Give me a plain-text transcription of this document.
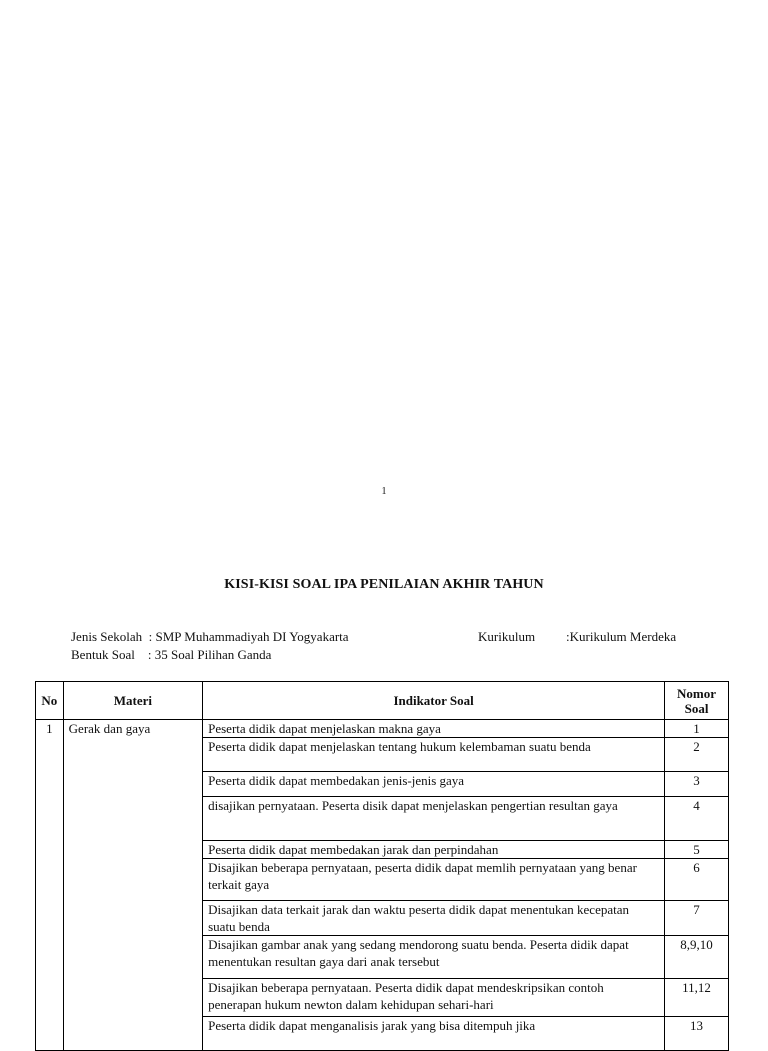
1
KISI-KISI SOAL IPA PENILAIAN AKHIR TAHUN
Jenis Sekolah  : SMP Muhammadiyah DI Yogyakarta
Bentuk Soal    : 35 Soal Pilihan Ganda
Kurikulum :Kurikulum Merdeka
No	Materi	Indikator Soal	Nomor Soal
1	Gerak dan gaya	Peserta didik dapat menjelaskan makna gaya	1
		Peserta didik dapat menjelaskan tentang hukum kelembaman suatu benda	2
		Peserta didik dapat membedakan jenis-jenis gaya	3
		disajikan pernyataan. Peserta disik dapat menjelaskan pengertian resultan gaya	4
		Peserta didik dapat membedakan jarak dan perpindahan	5
		Disajikan beberapa pernyataan, peserta didik dapat memlih pernyataan yang benar terkait gaya	6
		Disajikan data terkait jarak dan waktu peserta didik dapat menentukan kecepatan suatu benda	7
		Disajikan gambar anak yang sedang mendorong suatu benda. Peserta didik dapat menentukan resultan gaya dari anak tersebut	8,9,10
		Disajikan beberapa pernyataan. Peserta didik dapat mendeskripsikan contoh penerapan hukum newton dalam kehidupan sehari-hari	11,12
		Peserta didik dapat menganalisis jarak yang bisa ditempuh jika	13
